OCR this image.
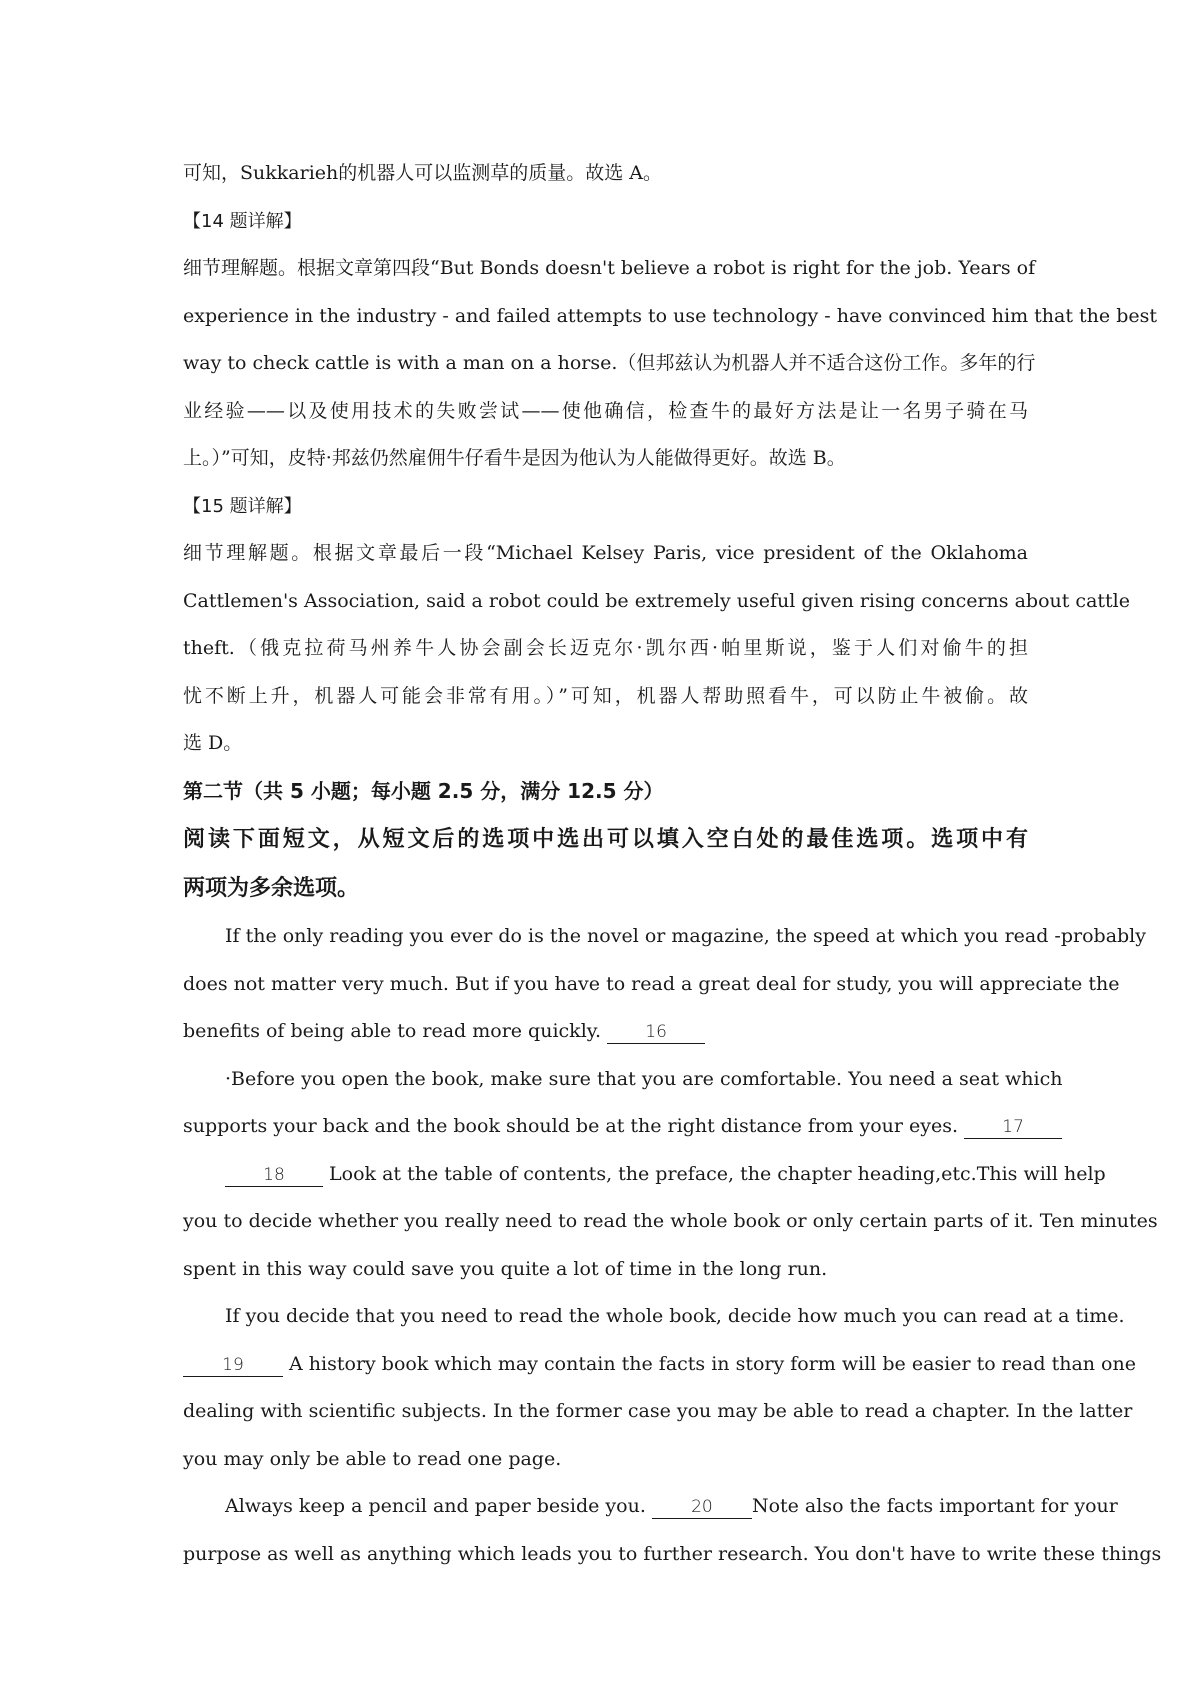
可知，Sukkarieh的机器人可以监测草的质量。故选 A。
【14 题详解】
细节理解题。根据文章第四段“But Bonds doesn't believe a robot is right for the job. Years of
experience in the industry - and failed attempts to use technology - have convinced him that the best
way to check cattle is with a man on a horse.（但邦兹认为机器人并不适合这份工作。多年的行
业经验——以及使用技术的失败尝试——使他确信，检查牛的最好方法是让一名男子骑在马
上。）”可知，皮特·邦兹仍然雇佣牛仔看牛是因为他认为人能做得更好。故选 B。
【15 题详解】
细节理解题。根据文章最后一段“Michael Kelsey Paris, vice president of the Oklahoma
Cattlemen's Association, said a robot could be extremely useful given rising concerns about cattle
theft.（俄克拉荷马州养牛人协会副会长迈克尔·凯尔西·帕里斯说，鉴于人们对偷牛的担
忧不断上升，机器人可能会非常有用。）”可知，机器人帮助照看牛，可以防止牛被偷。故
选 D。
第二节（共 5 小题；每小题 2.5 分，满分 12.5 分）
阅读下面短文，从短文后的选项中选出可以填入空白处的最佳选项。选项中有
两项为多余选项。
If the only reading you ever do is the novel or magazine, the speed at which you read -probably
does not matter very much. But if you have to read a great deal for study, you will appreciate the
benefits of being able to read more quickly.	16
·Before you open the book, make sure that you are comfortable. You need a seat which
supports your back and the book should be at the right distance from your eyes.	17
18 Look at the table of contents, the preface, the chapter heading,etc.This will help
you to decide whether you really need to read the whole book or only certain parts of it. Ten minutes
spent in this way could save you quite a lot of time in the long run.
If you decide that you need to read the whole book, decide how much you can read at a time.
19 A history book which may contain the facts in story form will be easier to read than one
dealing with scientific subjects. In the former case you may be able to read a chapter. In the latter
you may only be able to read one page.
Always keep a pencil and paper beside you.	20 Note also the facts important for your
purpose as well as anything which leads you to further research. You don't have to write these things
